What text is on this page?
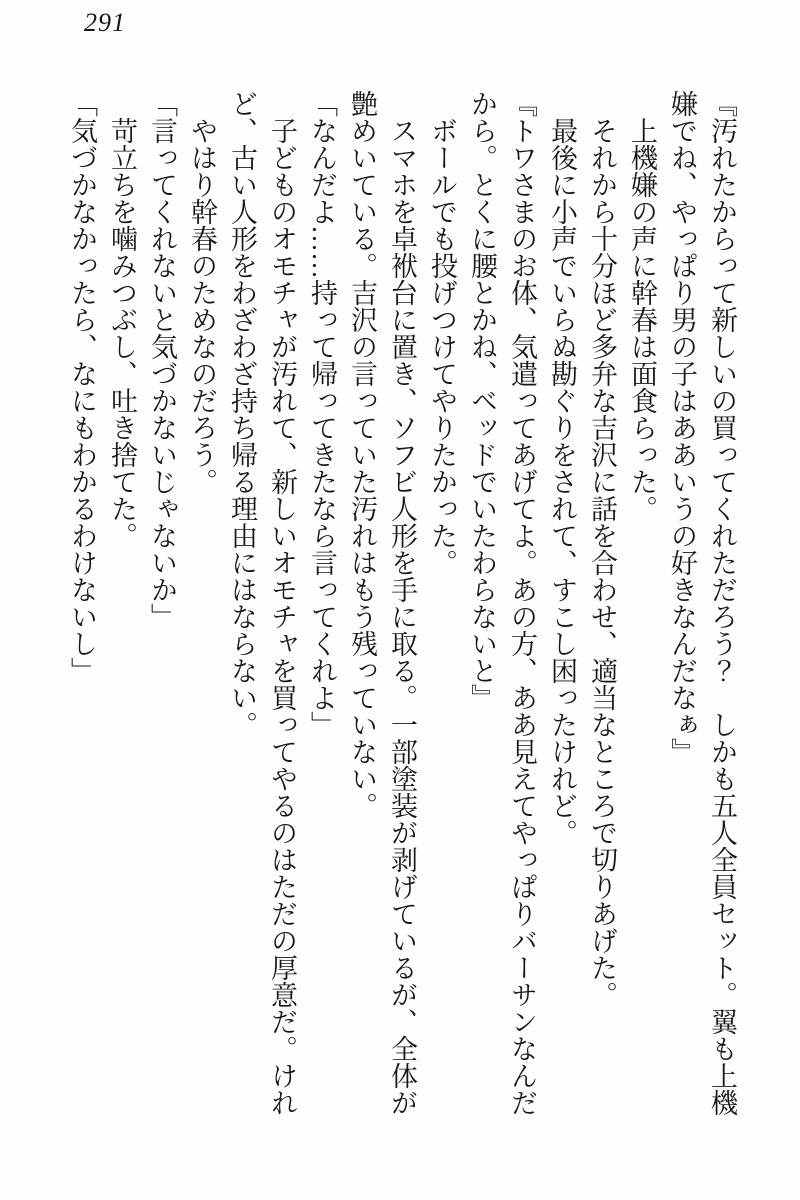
291

『汚れたからって新しいの買ってくれただろう？　しかも五人全員セット。翼も上機嫌でね、やっぱり男の子はああいうの好きなんだなぁ』

上機嫌の声に幹春は面食らった。

それから十分ほど多弁な吉沢に話を合わせ、適当なところで切りあげた。

最後に小声でいらぬ勘ぐりをされて、すこし困ったけれど。

『トワさまのお体、気遣ってあげてよ。あの方、ああ見えてやっぱりバーサンなんだから。とくに腰とかね、ベッドでいたわらないと』

ボールでも投げつけてやりたかった。

スマホを卓袱台に置き、ソフビ人形を手に取る。一部塗装が剥げているが、全体が艶めいている。吉沢の言っていた汚れはもう残っていない。

「なんだよ……持って帰ってきたなら言ってくれよ」

子どものオモチャが汚れて、新しいオモチャを買ってやるのはただの厚意だ。けれど、古い人形をわざわざ持ち帰る理由にはならない。

やはり幹春のためなのだろう。

「言ってくれないと気づかないじゃないか」

苛立ちを噛みつぶし、吐き捨てた。

「気づかなかったら、なにもわかるわけないし」
